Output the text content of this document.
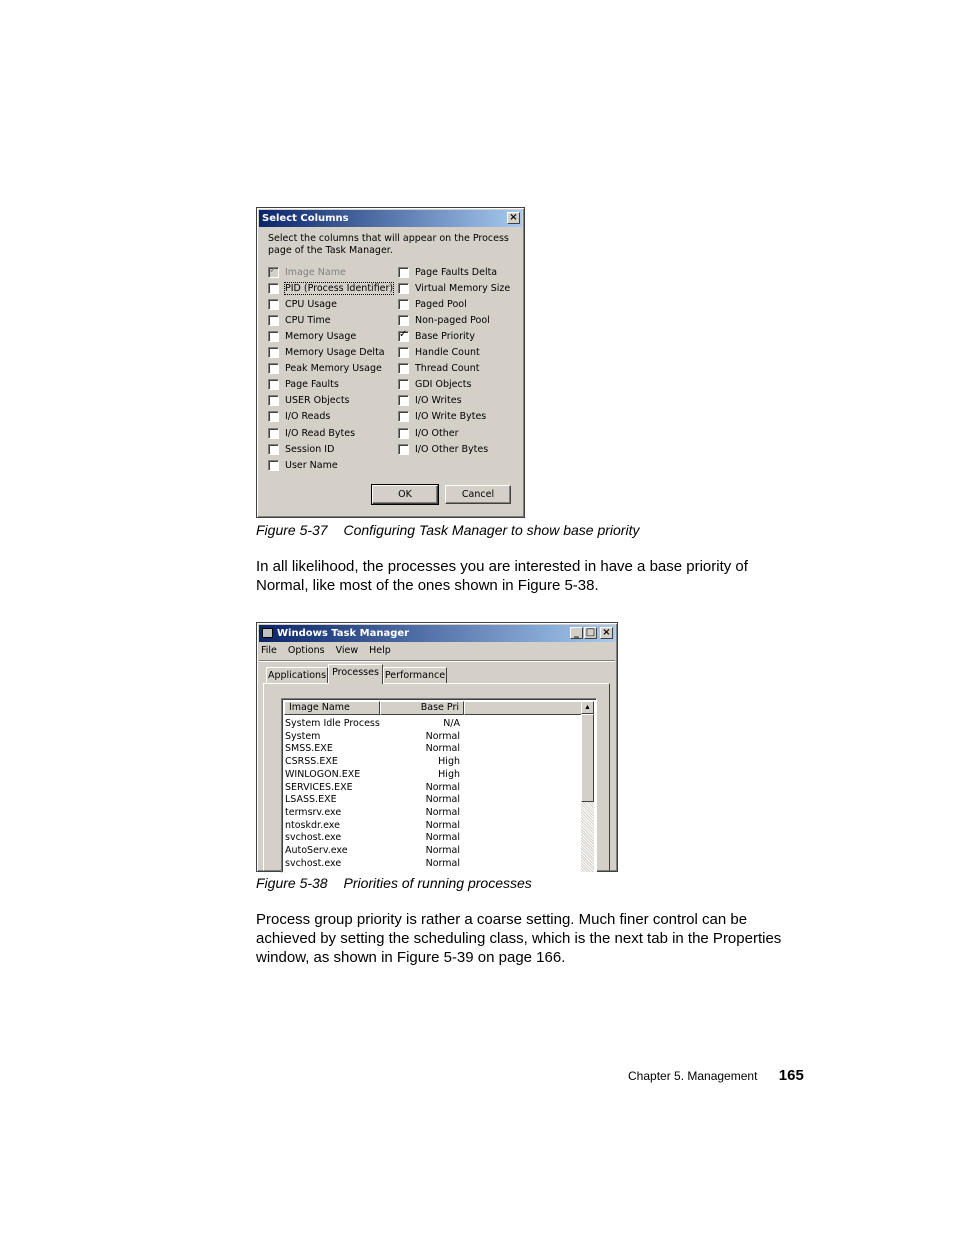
Select Columns	×
Select the columns that will appear on the Process page of the Task Manager.
✓
Image Name
PID (Process Identifier)
CPU Usage
CPU Time
Memory Usage
Memory Usage Delta
Peak Memory Usage
Page Faults
USER Objects
I/O Reads
I/O Read Bytes
Session ID
User Name
Page Faults Delta
Virtual Memory Size
Paged Pool
Non-paged Pool
✓
Base Priority
Handle Count
Thread Count
GDI Objects
I/O Writes
I/O Write Bytes
I/O Other
I/O Other Bytes
OK	Cancel
Figure 5-37 Configuring Task Manager to show base priority
In all likelihood, the processes you are interested in have a base priority of Normal, like most of the ones shown in Figure 5-38.
Windows Task Manager	_ □ ×
File Options View Help
Applications Processes Performance
Image Name	Base Pri
System Idle Process	N/A
System	Normal
SMSS.EXE	Normal
CSRSS.EXE	High
WINLOGON.EXE	High
SERVICES.EXE	Normal
LSASS.EXE	Normal
termsrv.exe	Normal
ntoskdr.exe	Normal
svchost.exe	Normal
AutoServ.exe	Normal
svchost.exe	Normal
▲
Figure 5-38 Priorities of running processes
Process group priority is rather a coarse setting. Much finer control can be achieved by setting the scheduling class, which is the next tab in the Properties window, as shown in Figure 5-39 on page 166.
Chapter 5. Management 165
